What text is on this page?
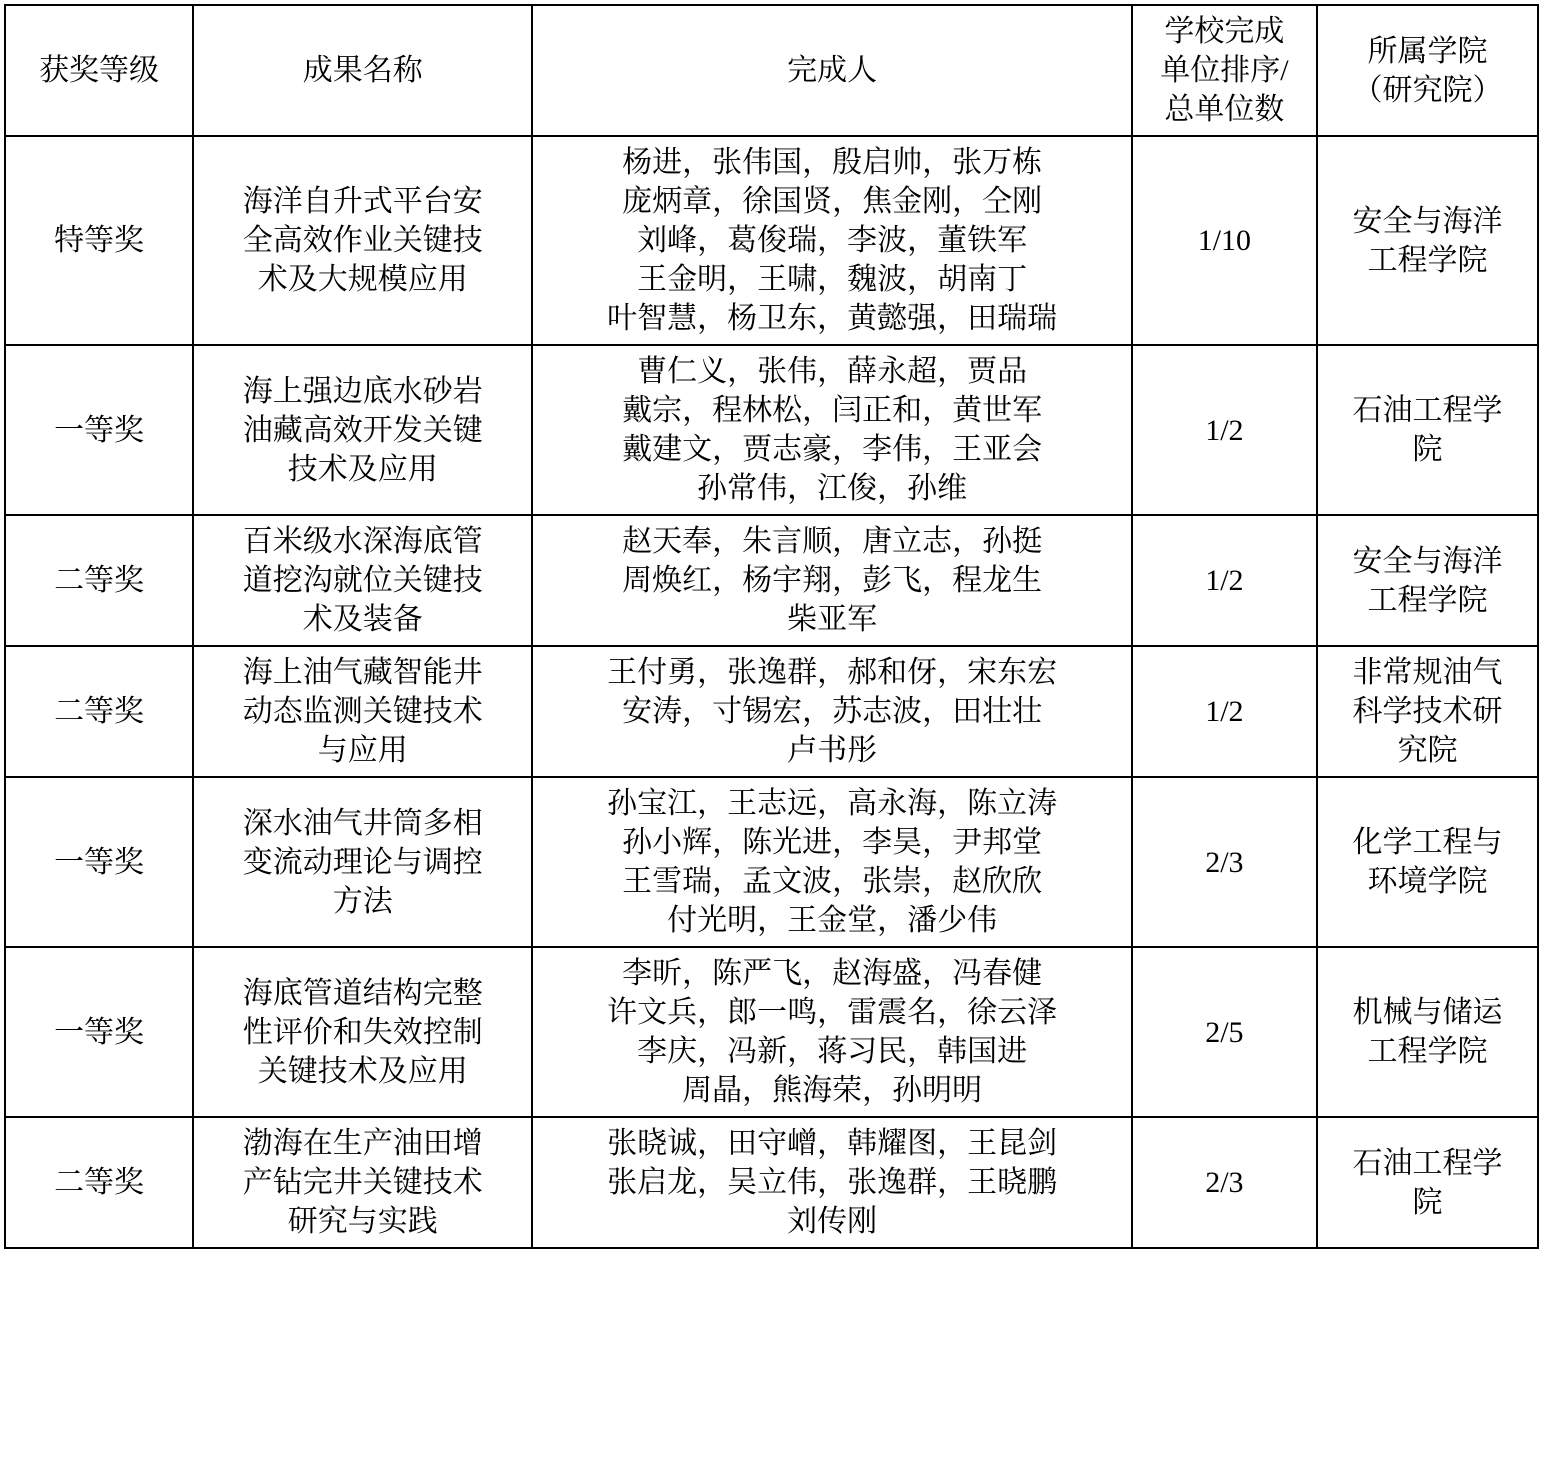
获奖等级	成果名称	完成人	学校完成
单位排序/
总单位数	所属学院
（研究院）

特等奖	海洋自升式平台安
全高效作业关键技
术及大规模应用	杨进，张伟国，殷启帅，张万栋
庞炳章，徐国贤，焦金刚，仝刚
刘峰，葛俊瑞，李波，董铁军
王金明，王啸，魏波，胡南丁
叶智慧，杨卫东，黄懿强，田瑞瑞	1/10	安全与海洋
工程学院

一等奖	海上强边底水砂岩
油藏高效开发关键
技术及应用	曹仁义，张伟，薛永超，贾品
戴宗，程林松，闫正和，黄世军
戴建文，贾志豪，李伟，王亚会
孙常伟，江俊，孙维	1/2	石油工程学
院

二等奖	百米级水深海底管
道挖沟就位关键技
术及装备	赵天奉，朱言顺，唐立志，孙挺
周焕红，杨宇翔，彭飞，程龙生
柴亚军	1/2	安全与海洋
工程学院

二等奖	海上油气藏智能井
动态监测关键技术
与应用	王付勇，张逸群，郝和伢，宋东宏
安涛，寸锡宏，苏志波，田壮壮
卢书彤	1/2	非常规油气
科学技术研
究院

一等奖	深水油气井筒多相
变流动理论与调控
方法	孙宝江，王志远，高永海，陈立涛
孙小辉，陈光进，李昊，尹邦堂
王雪瑞，孟文波，张崇，赵欣欣
付光明，王金堂，潘少伟	2/3	化学工程与
环境学院

一等奖	海底管道结构完整
性评价和失效控制
关键技术及应用	李昕，陈严飞，赵海盛，冯春健
许文兵，郎一鸣，雷震名，徐云泽
李庆，冯新，蒋习民，韩国进
周晶，熊海荣，孙明明	2/5	机械与储运
工程学院

二等奖	渤海在生产油田增
产钻完井关键技术
研究与实践	张晓诚，田守嶒，韩耀图，王昆剑
张启龙，吴立伟，张逸群，王晓鹏
刘传刚	2/3	石油工程学
院
